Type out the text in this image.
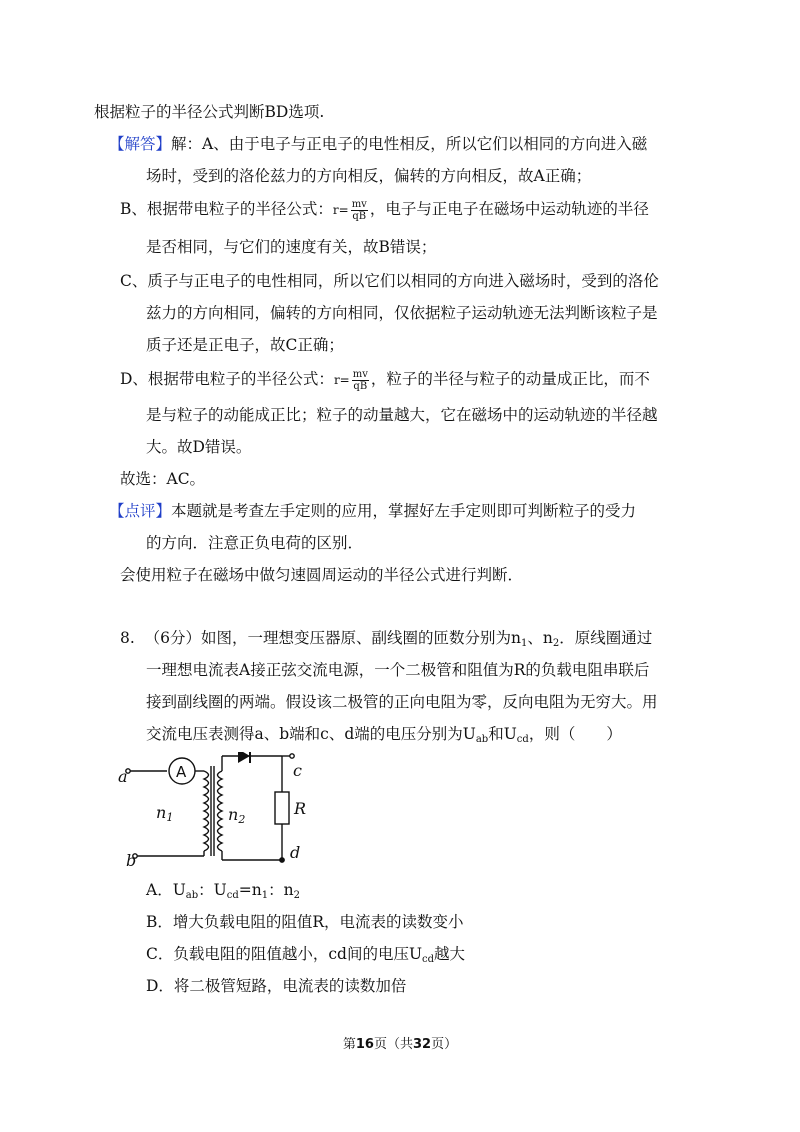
根据粒子的半径公式判断BD选项.
【解答】解：A、由于电子与正电子的电性相反，所以它们以相同的方向进入磁
场时，受到的洛伦兹力的方向相反，偏转的方向相反，故A正确；
B、根据带电粒子的半径公式：$r= \frac{mv}{qB}$ ，电子与正电子在磁场中运动轨迹的半径
是否相同，与它们的速度有关，故B错误；
C、质子与正电子的电性相同，所以它们以相同的方向进入磁场时，受到的洛伦
兹力的方向相同，偏转的方向相同，仅依据粒子运动轨迹无法判断该粒子是
质子还是正电子，故C正确；
D、根据带电粒子的半径公式：$r= \frac{mv}{qB}$ ，粒子的半径与粒子的动量成正比，而不
是与粒子的动能成正比；粒子的动量越大，它在磁场中的运动轨迹的半径越
大。故D错误。
故选：AC。
【点评】本题就是考查左手定则的应用，掌握好左手定则即可判断粒子的受力
的方向．注意正负电荷的区别．
会使用粒子在磁场中做匀速圆周运动的半径公式进行判断．
8. （6分）如图，一理想变压器原、副线圈的匝数分别为$n_1$、$n_2$．原线圈通过
一理想电流表A接正弦交流电源，一个二极管和阻值为R的负载电阻串联后
接到副线圈的两端。假设该二极管的正向电阻为零，反向电阻为无穷大。用
交流电压表测得a、b端和c、d端的电压分别为$U_{ab}$和$U_{cd}$，则（　　）
a
b
c
d
A
n1	n2
R
A．$U_{ab}$：$U_{cd}=n_1$：$n_2$
B．增大负载电阻的阻值R，电流表的读数变小
C．负载电阻的阻值越小，cd间的电压$U_{cd}$越大
D．将二极管短路，电流表的读数加倍
第16页（共32页）
